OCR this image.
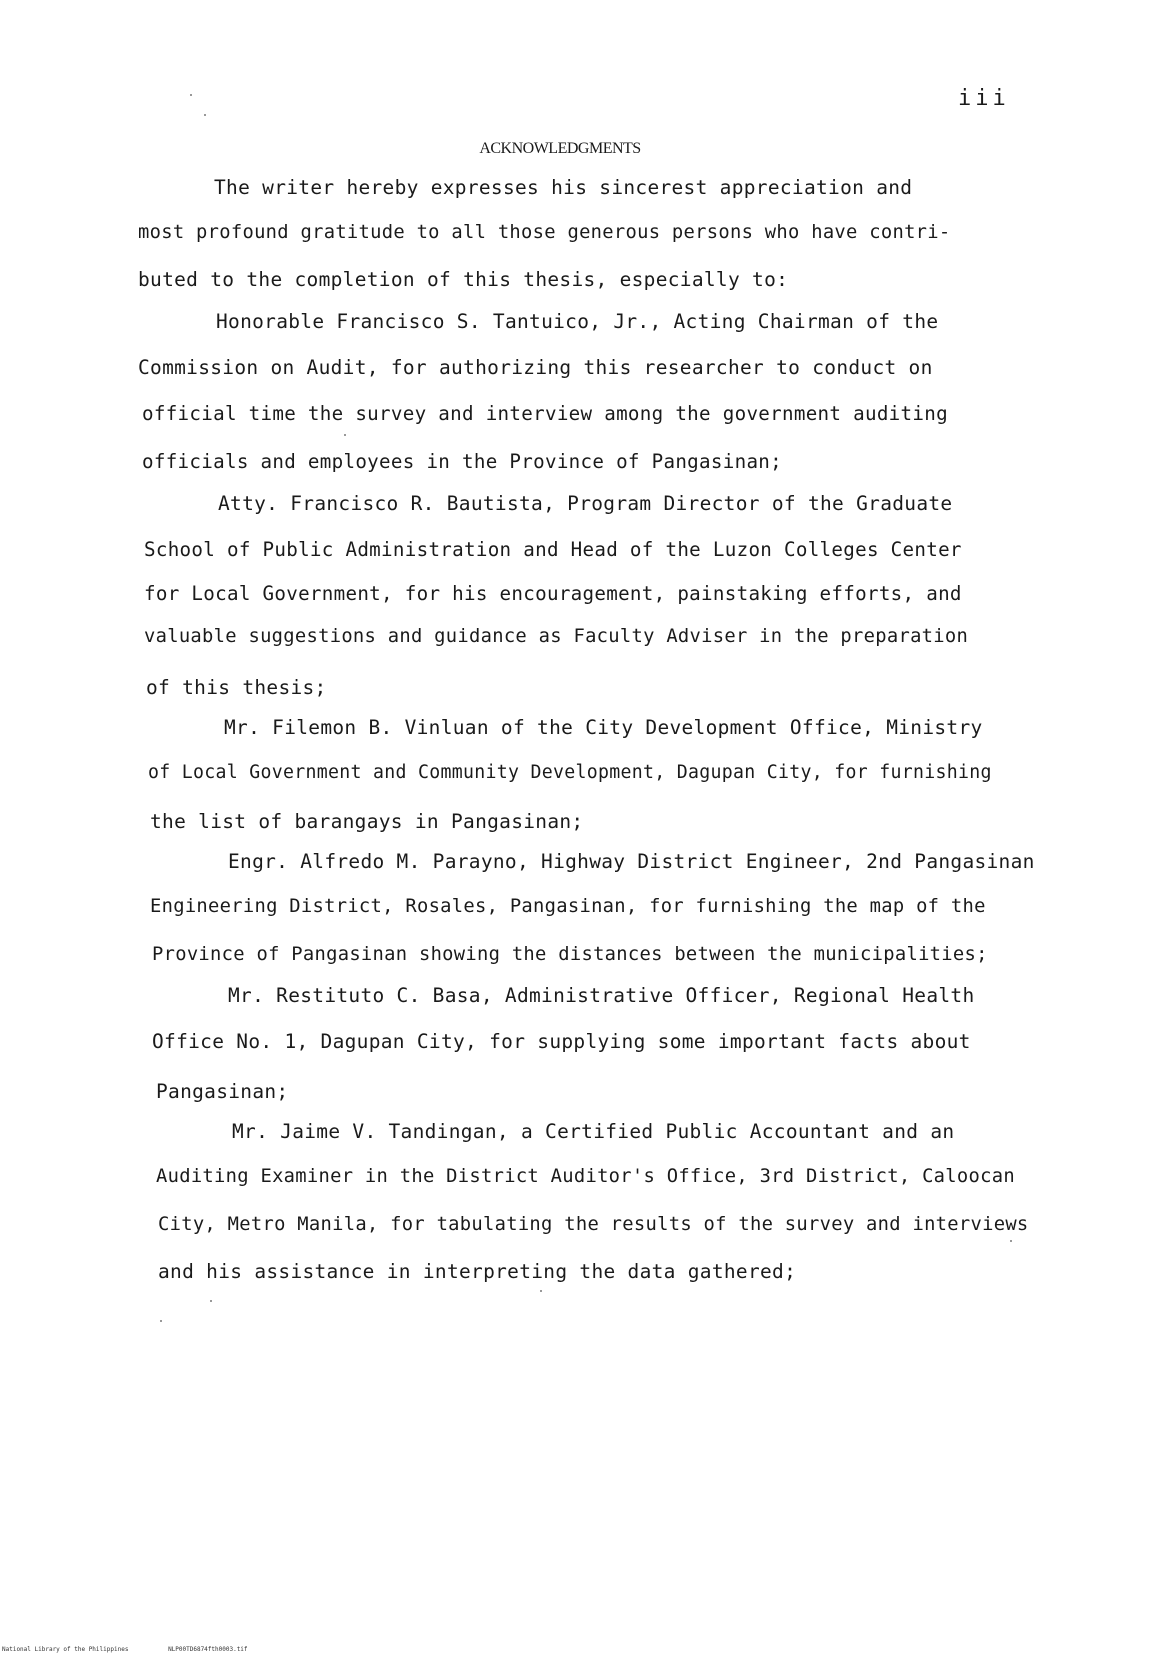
iii
ACKNOWLEDGMENTS
The writer hereby expresses his sincerest appreciation and
most profound gratitude to all those generous persons who have contri-
buted to the completion of this thesis, especially to:
Honorable Francisco S. Tantuico, Jr., Acting Chairman of the
Commission on Audit, for authorizing this researcher to conduct on
official time the survey and interview among the government auditing
officials and employees in the Province of Pangasinan;
Atty. Francisco R. Bautista, Program Director of the Graduate
School of Public Administration and Head of the Luzon Colleges Center
for Local Government, for his encouragement, painstaking efforts, and
valuable suggestions and guidance as Faculty Adviser in the preparation
of this thesis;
Mr. Filemon B. Vinluan of the City Development Office, Ministry
of Local Government and Community Development, Dagupan City, for furnishing
the list of barangays in Pangasinan;
Engr. Alfredo M. Parayno, Highway District Engineer, 2nd Pangasinan
Engineering District, Rosales, Pangasinan, for furnishing the map of the
Province of Pangasinan showing the distances between the municipalities;
Mr. Restituto C. Basa, Administrative Officer, Regional Health
Office No. 1, Dagupan City, for supplying some important facts about
Pangasinan;
Mr. Jaime V. Tandingan, a Certified Public Accountant and an
Auditing Examiner in the District Auditor's Office, 3rd District, Caloocan
City, Metro Manila, for tabulating the results of the survey and interviews
and his assistance in interpreting the data gathered;
National Library of the Philippines	NLP00TD6874fth0003.tif
